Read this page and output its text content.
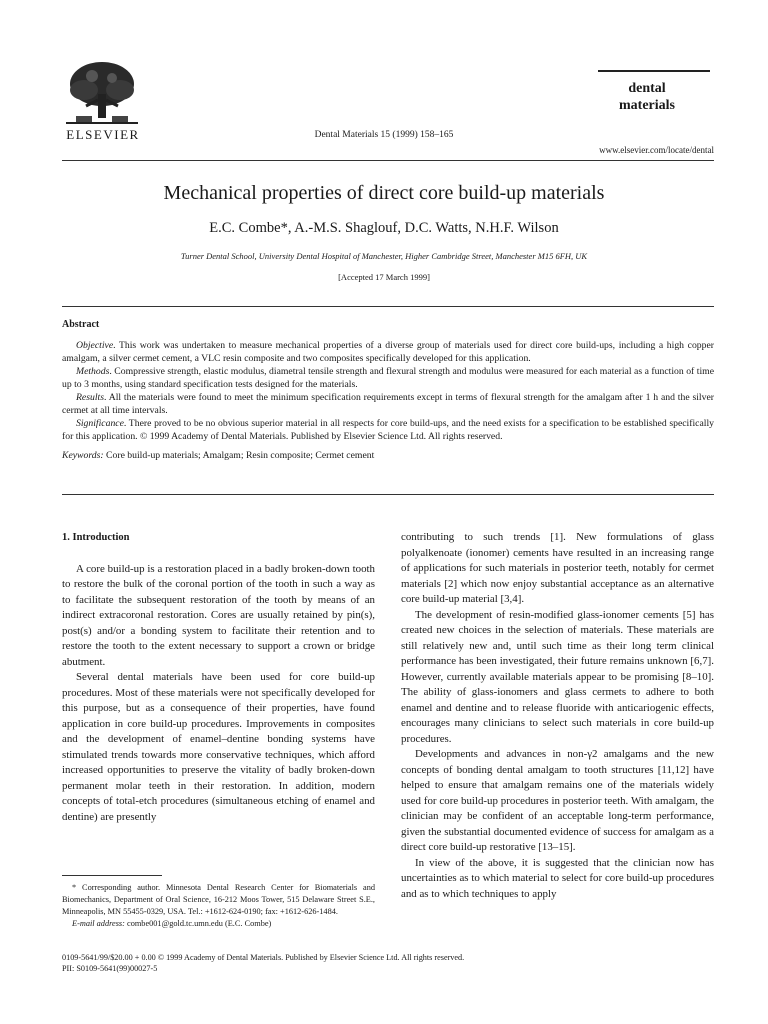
ELSEVIER	Dental Materials 15 (1999) 158–165
dental
materials
www.elsevier.com/locate/dental
Mechanical properties of direct core build-up materials
E.C. Combe*, A.-M.S. Shaglouf, D.C. Watts, N.H.F. Wilson
Turner Dental School, University Dental Hospital of Manchester, Higher Cambridge Street, Manchester M15 6FH, UK
[Accepted 17 March 1999]
Abstract

Objective. This work was undertaken to measure mechanical properties of a diverse group of materials used for direct core build-ups, including a high copper amalgam, a silver cermet cement, a VLC resin composite and two composites specifically developed for this application.

Methods. Compressive strength, elastic modulus, diametral tensile strength and flexural strength and modulus were measured for each material as a function of time up to 3 months, using standard specification tests designed for the materials.

Results. All the materials were found to meet the minimum specification requirements except in terms of flexural strength for the amalgam after 1 h and the silver cermet at all time intervals.

Significance. There proved to be no obvious superior material in all respects for core build-ups, and the need exists for a specification to be established specifically for this application. © 1999 Academy of Dental Materials. Published by Elsevier Science Ltd. All rights reserved.

Keywords: Core build-up materials; Amalgam; Resin composite; Cermet cement

1. Introduction

A core build-up is a restoration placed in a badly broken-down tooth to restore the bulk of the coronal portion of the tooth in such a way as to facilitate the subsequent restoration of the tooth by means of an indirect extracoronal restoration. Cores are usually retained by pin(s), post(s) and/or a bonding system to facilitate their retention and to restore the tooth to the extent necessary to support a crown or bridge abutment.

Several dental materials have been used for core build-up procedures. Most of these materials were not specifically developed for this purpose, but as a consequence of their properties, have found application in core build-up procedures. Improvements in composites and the development of enamel–dentine bonding systems have stimulated trends towards more conservative techniques, which afford increased opportunities to preserve the vitality of badly broken-down permanent molar teeth in their restoration. In addition, modern concepts of total-etch procedures (simultaneous etching of enamel and dentine) are presently

contributing to such trends [1]. New formulations of glass polyalkenoate (ionomer) cements have resulted in an increasing range of applications for such materials in posterior teeth, notably for cermet materials [2] which now enjoy substantial acceptance as an alternative core build-up material [3,4].

The development of resin-modified glass-ionomer cements [5] has created new choices in the selection of materials. These materials are still relatively new and, until such time as their long term clinical performance has been investigated, their future remains unknown [6,7]. However, currently available materials appear to be promising [8–10]. The ability of glass-ionomers and glass cermets to adhere to both enamel and dentine and to release fluoride with anticariogenic effects, encourages many clinicians to select such materials in core build-up procedures.

Developments and advances in non-γ2 amalgams and the new concepts of bonding dental amalgam to tooth structures [11,12] have helped to ensure that amalgam remains one of the materials widely used for core build-up procedures in posterior teeth. With amalgam, the clinician may be confident of an acceptable long-term performance, given the substantial documented evidence of success for amalgam as a direct core build-up restorative [13–15].

In view of the above, it is suggested that the clinician now has uncertainties as to which material to select for core build-up procedures and as to which techniques to apply

* Corresponding author. Minnesota Dental Research Center for Biomaterials and Biomechanics, Department of Oral Science, 16-212 Moos Tower, 515 Delaware Street S.E., Minneapolis, MN 55455-0329, USA. Tel.: +1612-624-0190; fax: +1612-626-1484.

E-mail address: combe001@gold.tc.umn.edu (E.C. Combe)

0109-5641/99/$20.00 + 0.00 © 1999 Academy of Dental Materials. Published by Elsevier Science Ltd. All rights reserved.
PII: S0109-5641(99)00027-5
